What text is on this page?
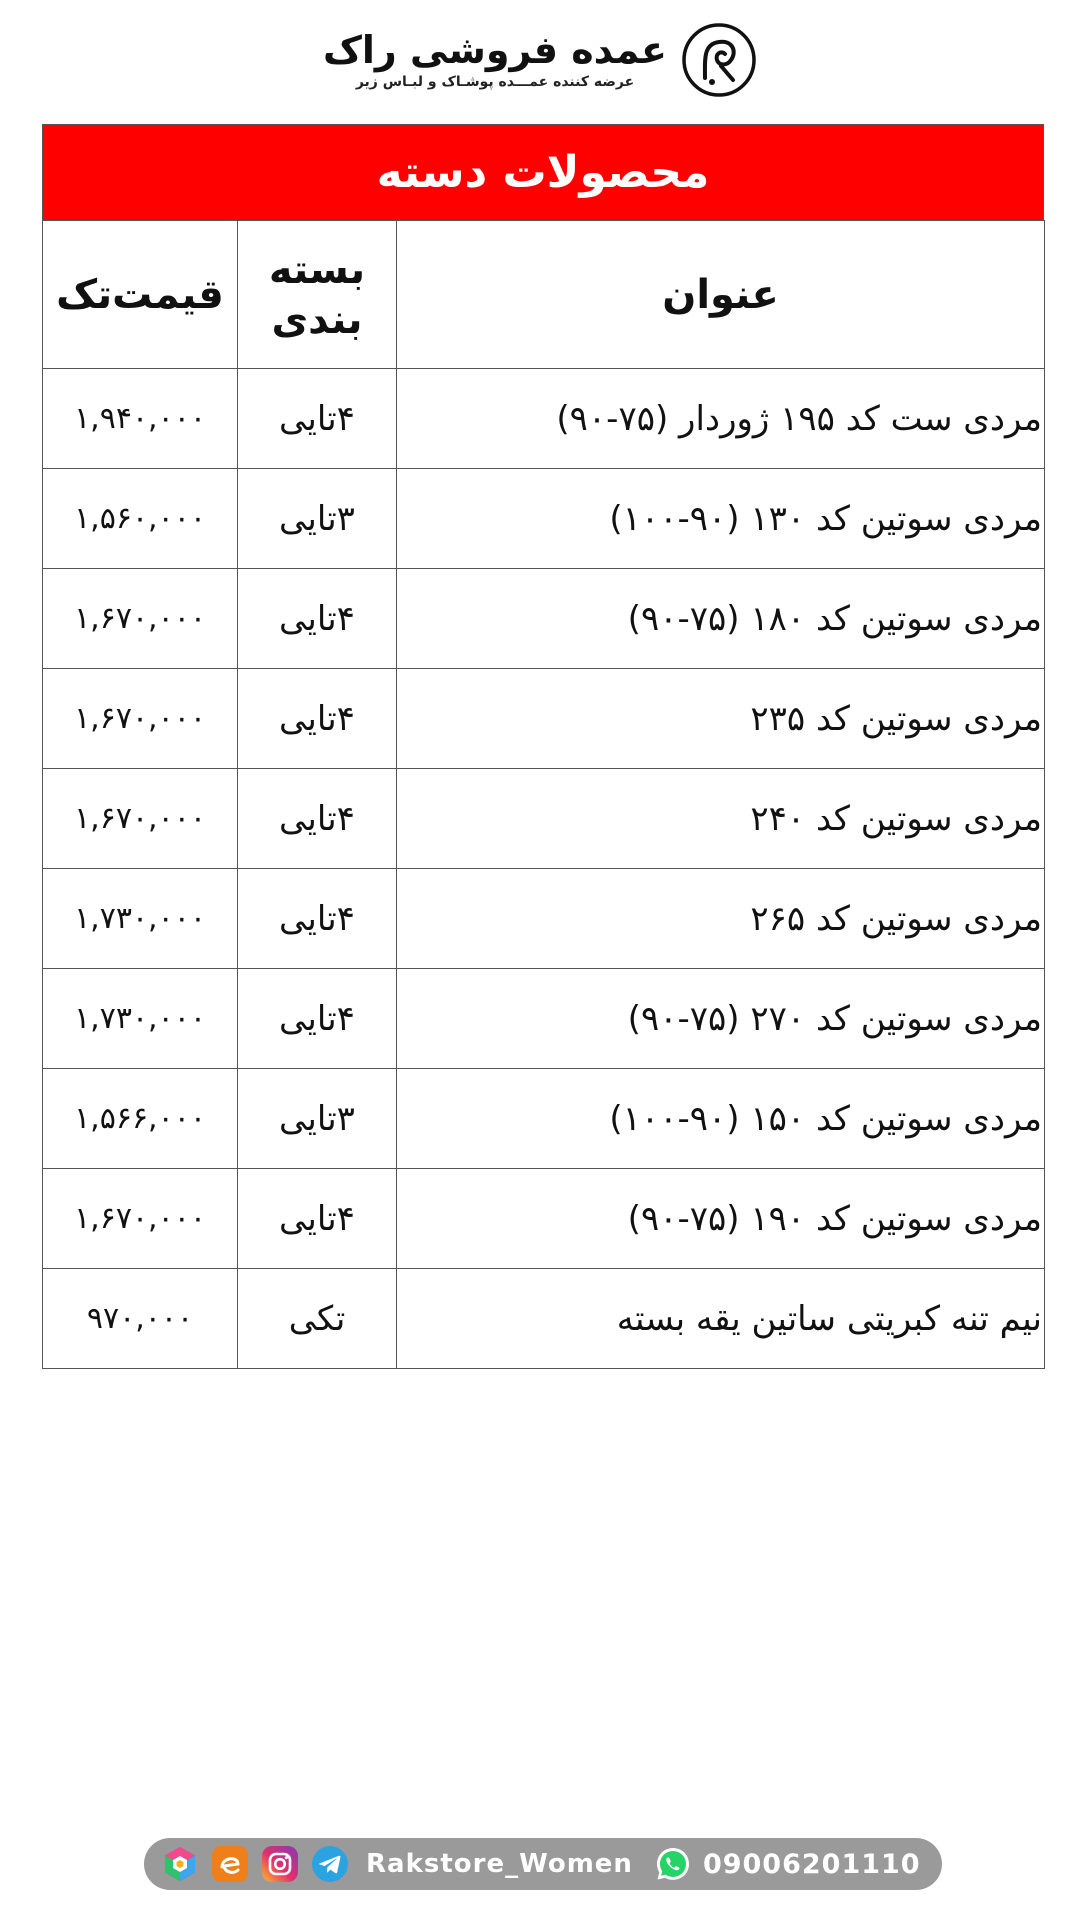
عمده فروشی راک
عرضه کننده عمـــده پوشـاک و لبـاس زیر
محصولات دسته
عنوان	بسته بندی	قیمت‌تک
مردی ست کد ۱۹۵ ژوردار (۷۵-۹۰)	۴تایی	۱,۹۴۰,۰۰۰
مردی سوتین کد ۱۳۰ (۹۰-۱۰۰)	۳تایی	۱,۵۶۰,۰۰۰
مردی سوتین کد ۱۸۰ (۷۵-۹۰)	۴تایی	۱,۶۷۰,۰۰۰
مردی سوتین کد ۲۳۵	۴تایی	۱,۶۷۰,۰۰۰
مردی سوتین کد ۲۴۰	۴تایی	۱,۶۷۰,۰۰۰
مردی سوتین کد ۲۶۵	۴تایی	۱,۷۳۰,۰۰۰
مردی سوتین کد ۲۷۰ (۷۵-۹۰)	۴تایی	۱,۷۳۰,۰۰۰
مردی سوتین کد ۱۵۰ (۹۰-۱۰۰)	۳تایی	۱,۵۶۶,۰۰۰
مردی سوتین کد ۱۹۰ (۷۵-۹۰)	۴تایی	۱,۶۷۰,۰۰۰
نیم تنه کبریتی ساتین یقه بسته	تکی	۹۷۰,۰۰۰
Rakstore_Women	09006201110
